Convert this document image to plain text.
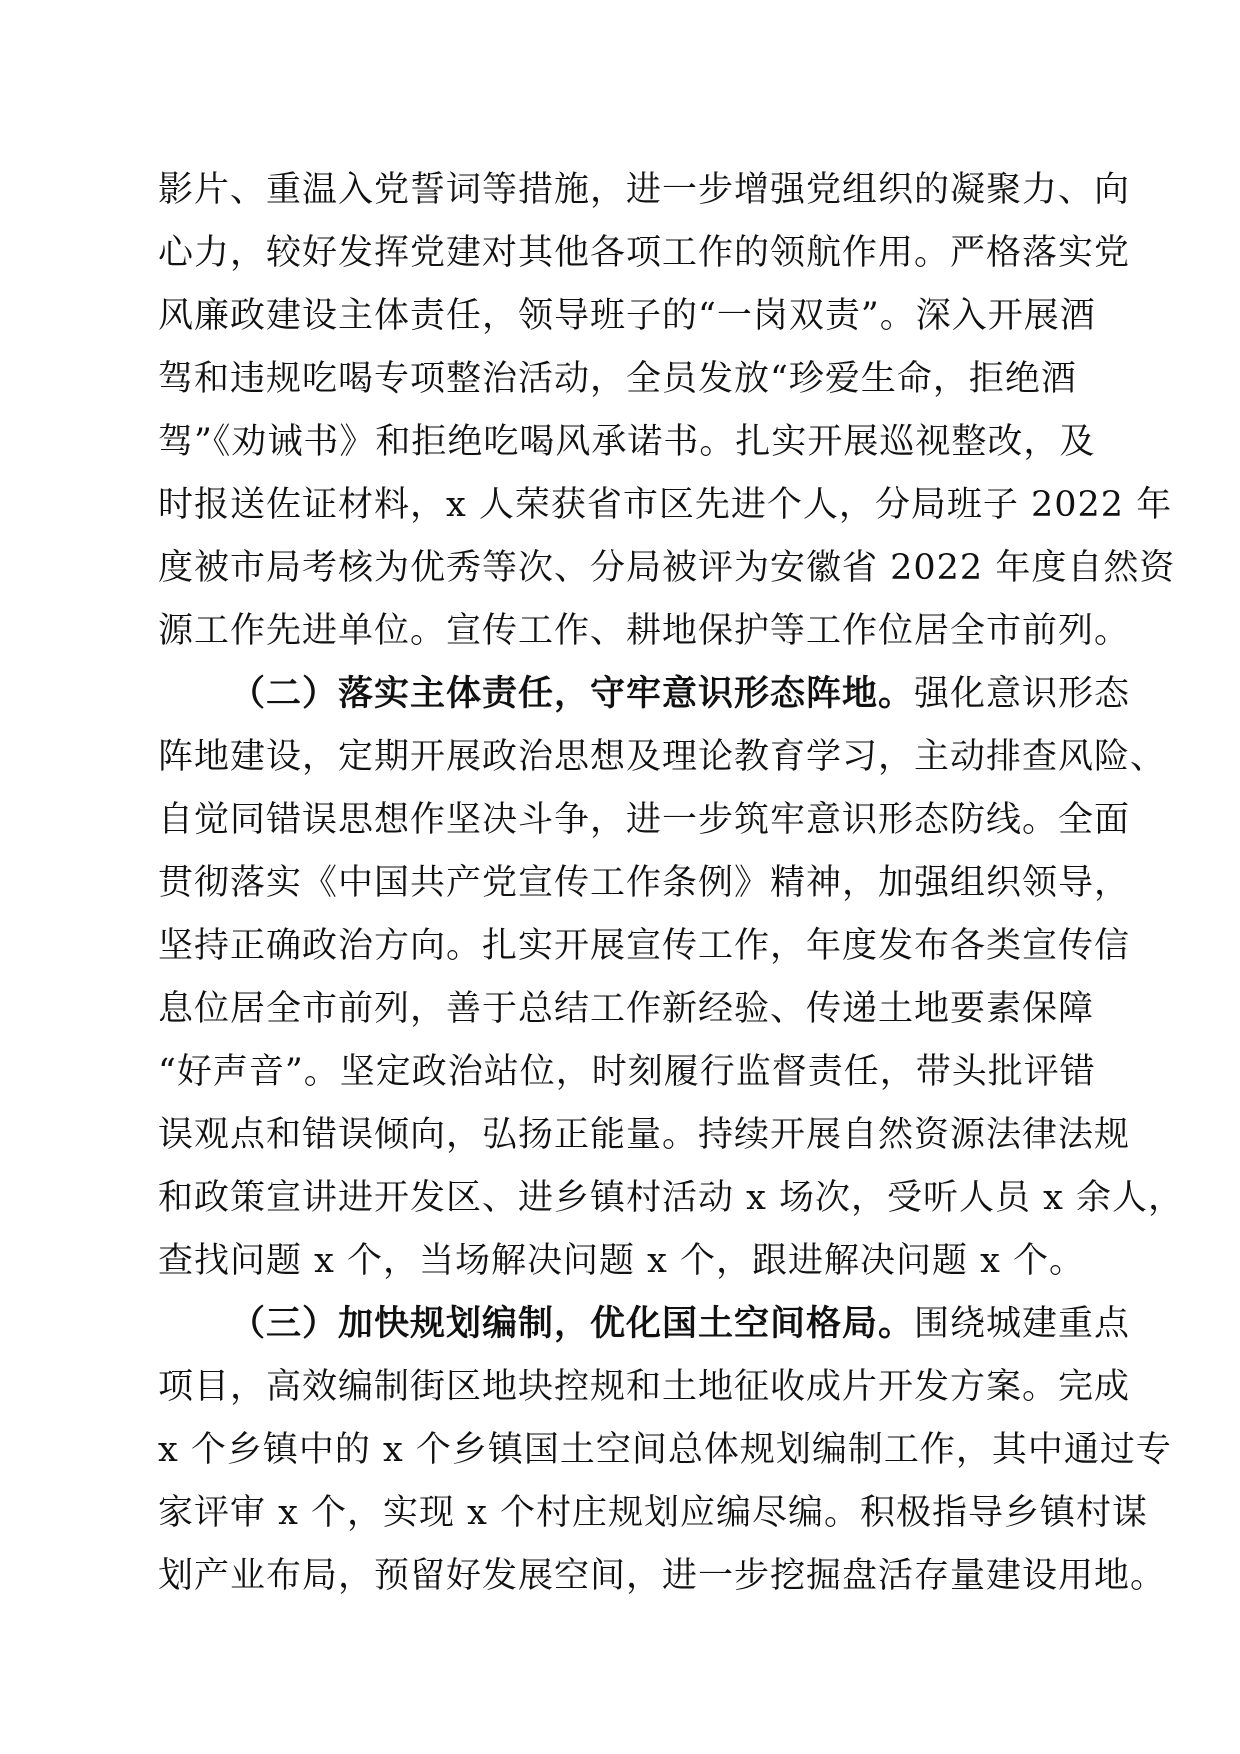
影片、重温入党誓词等措施，进一步增强党组织的凝聚力、向
心力，较好发挥党建对其他各项工作的领航作用。严格落实党
风廉政建设主体责任，领导班子的“一岗双责”。深入开展酒
驾和违规吃喝专项整治活动，全员发放“珍爱生命，拒绝酒
驾”《劝诫书》和拒绝吃喝风承诺书。扎实开展巡视整改，及
时报送佐证材料，x 人荣获省市区先进个人，分局班子 2022 年
度被市局考核为优秀等次、分局被评为安徽省 2022 年度自然资
源工作先进单位。宣传工作、耕地保护等工作位居全市前列。
（二）落实主体责任，守牢意识形态阵地。强化意识形态
阵地建设，定期开展政治思想及理论教育学习，主动排查风险、
自觉同错误思想作坚决斗争，进一步筑牢意识形态防线。全面
贯彻落实《中国共产党宣传工作条例》精神，加强组织领导，
坚持正确政治方向。扎实开展宣传工作，年度发布各类宣传信
息位居全市前列，善于总结工作新经验、传递土地要素保障
“好声音”。坚定政治站位，时刻履行监督责任，带头批评错
误观点和错误倾向，弘扬正能量。持续开展自然资源法律法规
和政策宣讲进开发区、进乡镇村活动 x 场次，受听人员 x 余人，
查找问题 x 个，当场解决问题 x 个，跟进解决问题 x 个。
（三）加快规划编制，优化国土空间格局。围绕城建重点
项目，高效编制街区地块控规和土地征收成片开发方案。完成
x 个乡镇中的 x 个乡镇国土空间总体规划编制工作，其中通过专
家评审 x 个，实现 x 个村庄规划应编尽编。积极指导乡镇村谋
划产业布局，预留好发展空间，进一步挖掘盘活存量建设用地。
